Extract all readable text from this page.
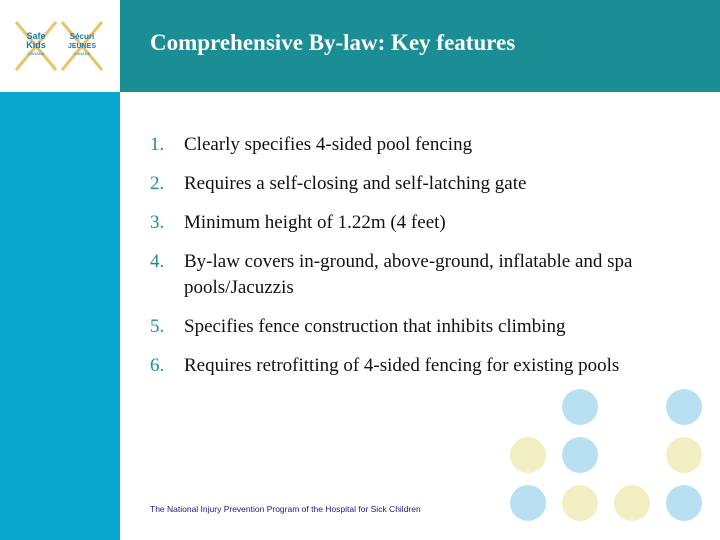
Safe
Kids
CANADA
Sécuri
JEUNES
CANADA	Comprehensive By-law: Key features
1.	Clearly specifies 4-sided pool fencing
2.	Requires a self-closing and self-latching gate
3.	Minimum height of 1.22m (4 feet)
4.	By-law covers in-ground, above-ground, inflatable and spa pools/Jacuzzis
5.	Specifies fence construction that inhibits climbing
6.	Requires retrofitting of 4-sided fencing for existing pools
The National Injury Prevention Program of the Hospital for Sick Children
